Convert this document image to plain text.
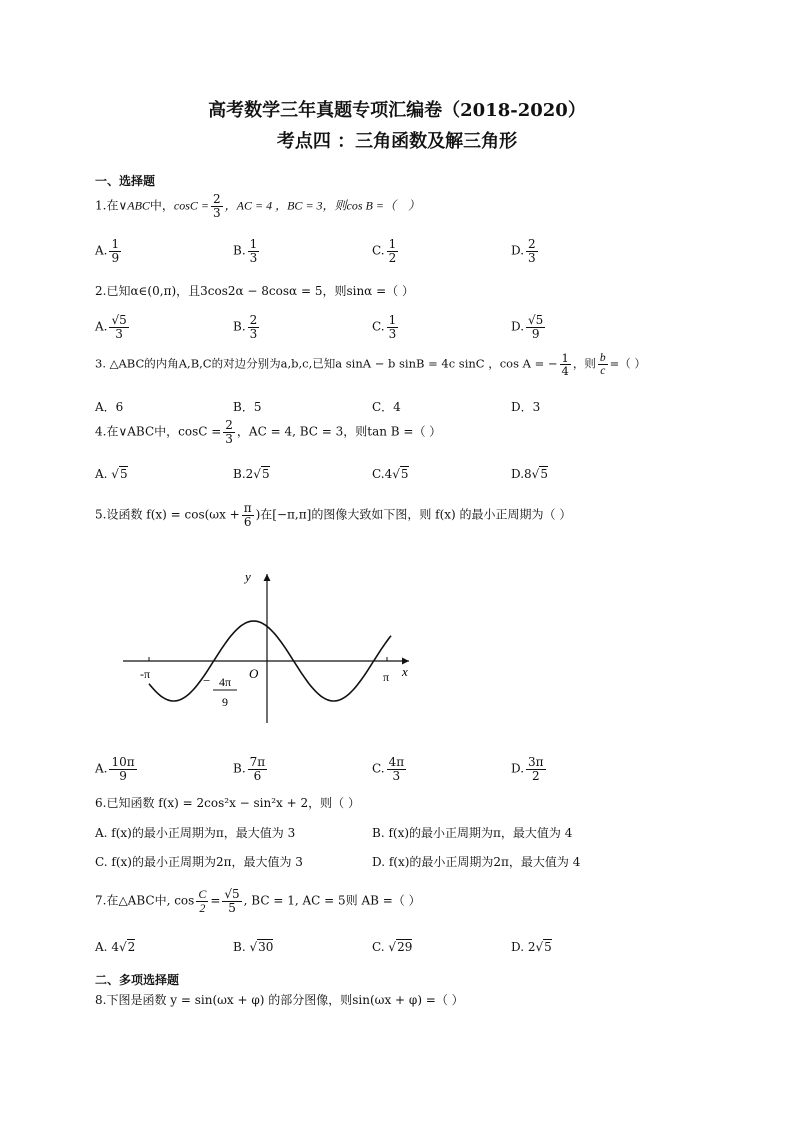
高考数学三年真题专项汇编卷（2018-2020）
考点四 ：三角函数及解三角形
一、选择题
1.在∨ABC中，$\cos C = \frac{2}{3}$ ，AC = 4 ，BC = 3，则cos B =（　）
A. $\frac{1}{9}$	B. $\frac{1}{3}$	C. $\frac{1}{2}$	D. $\frac{2}{3}$
2.已知α∈(0,π)，且3cos2α − 8cosα = 5，则sinα =（ ）
A. $\frac{√5}{3}$	B. $\frac{2}{3}$	C. $\frac{1}{3}$	D. $\frac{√5}{9}$
3. △ABC的内角A,B,C的对边分别为a,b,c,已知a sinA − b sinB = 4c sinC ，cos A = − $\frac{1}{4}$ ，则 $\frac{b}{c}$ =（ ）
A．6	B．5	C．4	D．3
4.在∨ABC中，$\cos C = \frac{2}{3}$ ，AC = 4, BC = 3，则tan B =（ ）
A. √5	B.2√5	C.4√5	D.8√5
5.设函数 $f(x) = \cos(\omega x + \frac{\pi}{6}$ )在[−π,π]的图像大致如下图，则 f(x) 的最小正周期为（ ）
y
x
O
-π	π
− 4π
9
A. $\frac{10\pi}{9}$	B. $\frac{7\pi}{6}$	C. $\frac{4\pi}{3}$	D. $\frac{3\pi}{2}$
6.已知函数 f(x) = 2cos²x − sin²x + 2，则（ ）
A. f(x)的最小正周期为π，最大值为 3	B. f(x)的最小正周期为π，最大值为 4
C. f(x)的最小正周期为2π，最大值为 3	D. f(x)的最小正周期为2π，最大值为 4
7.在△ABC中, $\cos \frac{C}{2} = \frac{√5}{5}$ , BC = 1, AC = 5则 AB =（ ）
A. 4√2	B. √30	C. √29	D. 2√5
二、多项选择题
8.下图是函数 y = sin(ωx + φ) 的部分图像，则sin(ωx + φ) =（ ）
